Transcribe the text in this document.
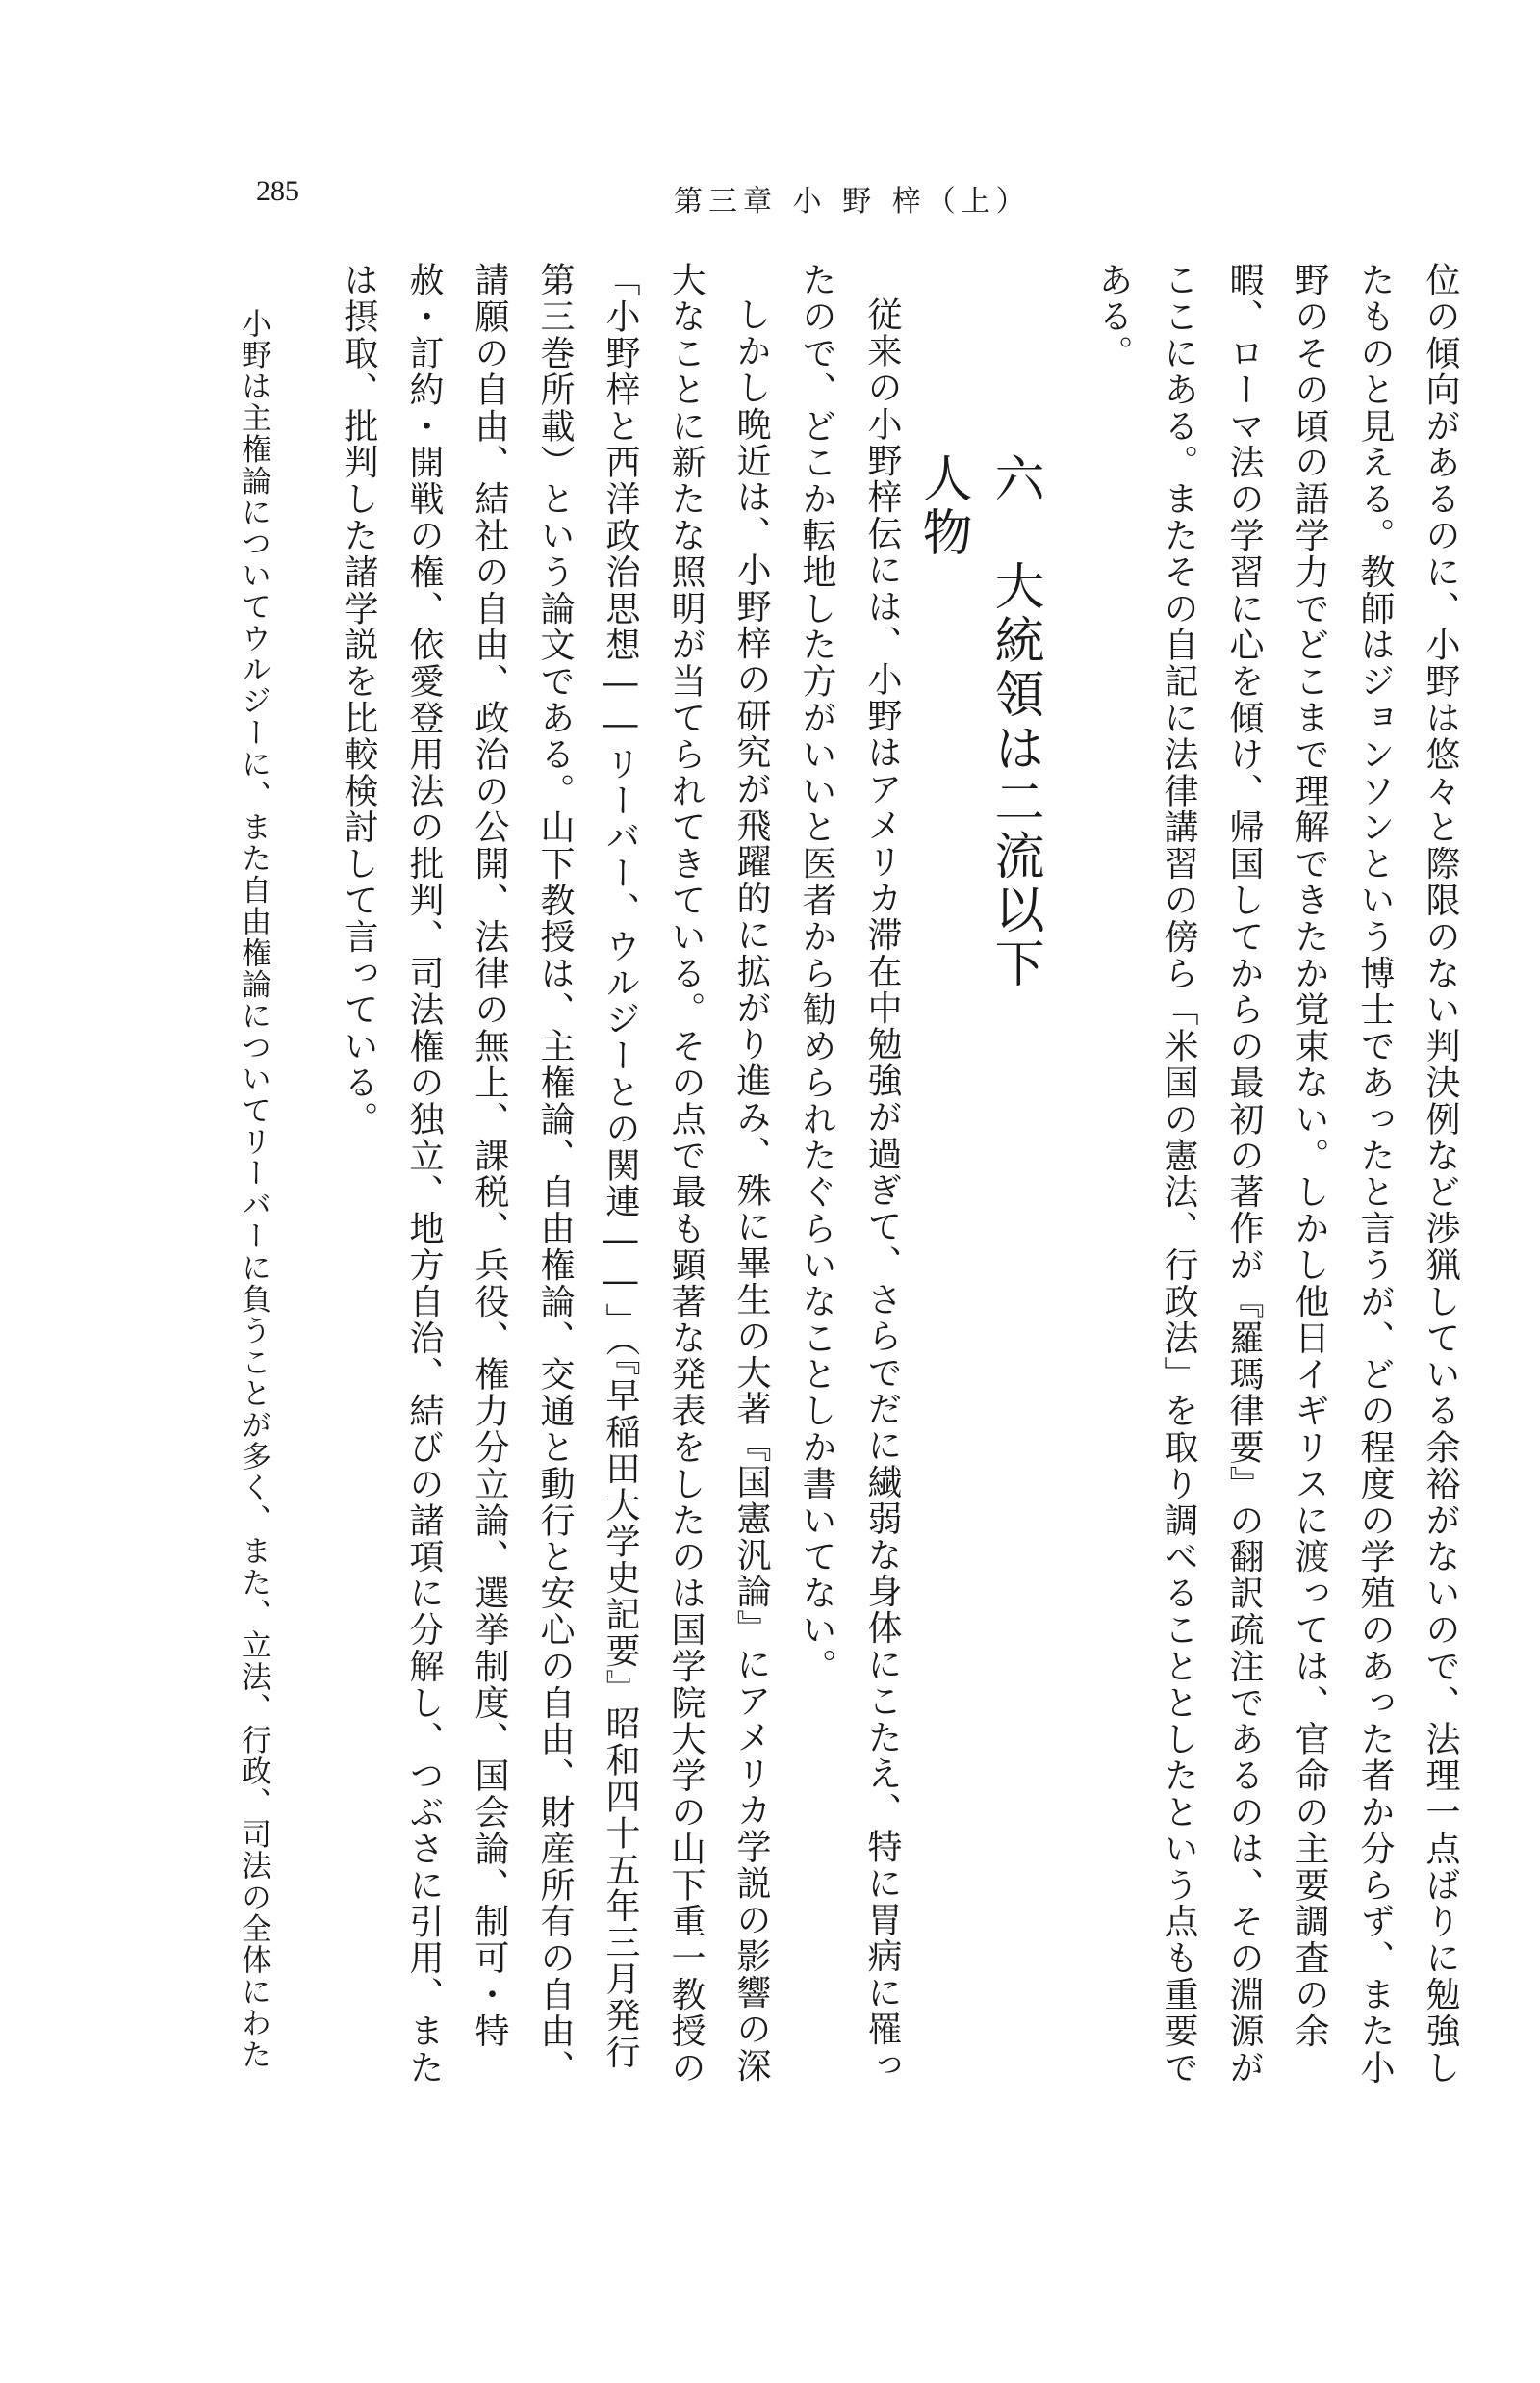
285	第三章 小 野 梓（上）

位の傾向があるのに、小野は悠々と際限のない判決例など渉猟している余裕がないので、法理一点ばりに勉強したものと見える。教師はジョンソンという博士であったと言うが、どの程度の学殖のあった者か分らず、また小野のその頃の語学力でどこまで理解できたか覚束ない。しかし他日イギリスに渡っては、官命の主要調査の余暇、ローマ法の学習に心を傾け、帰国してからの最初の著作が『羅瑪律要』の翻訳疏注であるのは、その淵源がここにある。またその自記に法律講習の傍ら「米国の憲法、行政法」を取り調べることとしたという点も重要である。

六　大統領は二流以下人物
従来の小野梓伝には、小野はアメリカ滞在中勉強が過ぎて、さらでだに繊弱な身体にこたえ、特に胃病に罹ったので、どこか転地した方がいいと医者から勧められたぐらいなことしか書いてない。
しかし晩近は、小野梓の研究が飛躍的に拡がり進み、殊に畢生の大著『国憲汎論』にアメリカ学説の影響の深大なことに新たな照明が当てられてきている。その点で最も顕著な発表をしたのは国学院大学の山下重一教授の「小野梓と西洋政治思想――リーバー、ウルジーとの関連――」（『早稲田大学史記要』昭和四十五年三月発行 第三巻所載）という論文である。山下教授は、主権論、自由権論、交通と動行と安心の自由、財産所有の自由、請願の自由、結社の自由、政治の公開、法律の無上、課税、兵役、権力分立論、選挙制度、国会論、制可・特赦・訂約・開戦の権、依愛登用法の批判、司法権の独立、地方自治、結びの諸項に分解し、つぶさに引用、または摂取、批判した諸学説を比較検討して言っている。

小野は主権論についてウルジーに、また自由権論についてリーバーに負うことが多く、また、立法、行政、司法の全体にわた
